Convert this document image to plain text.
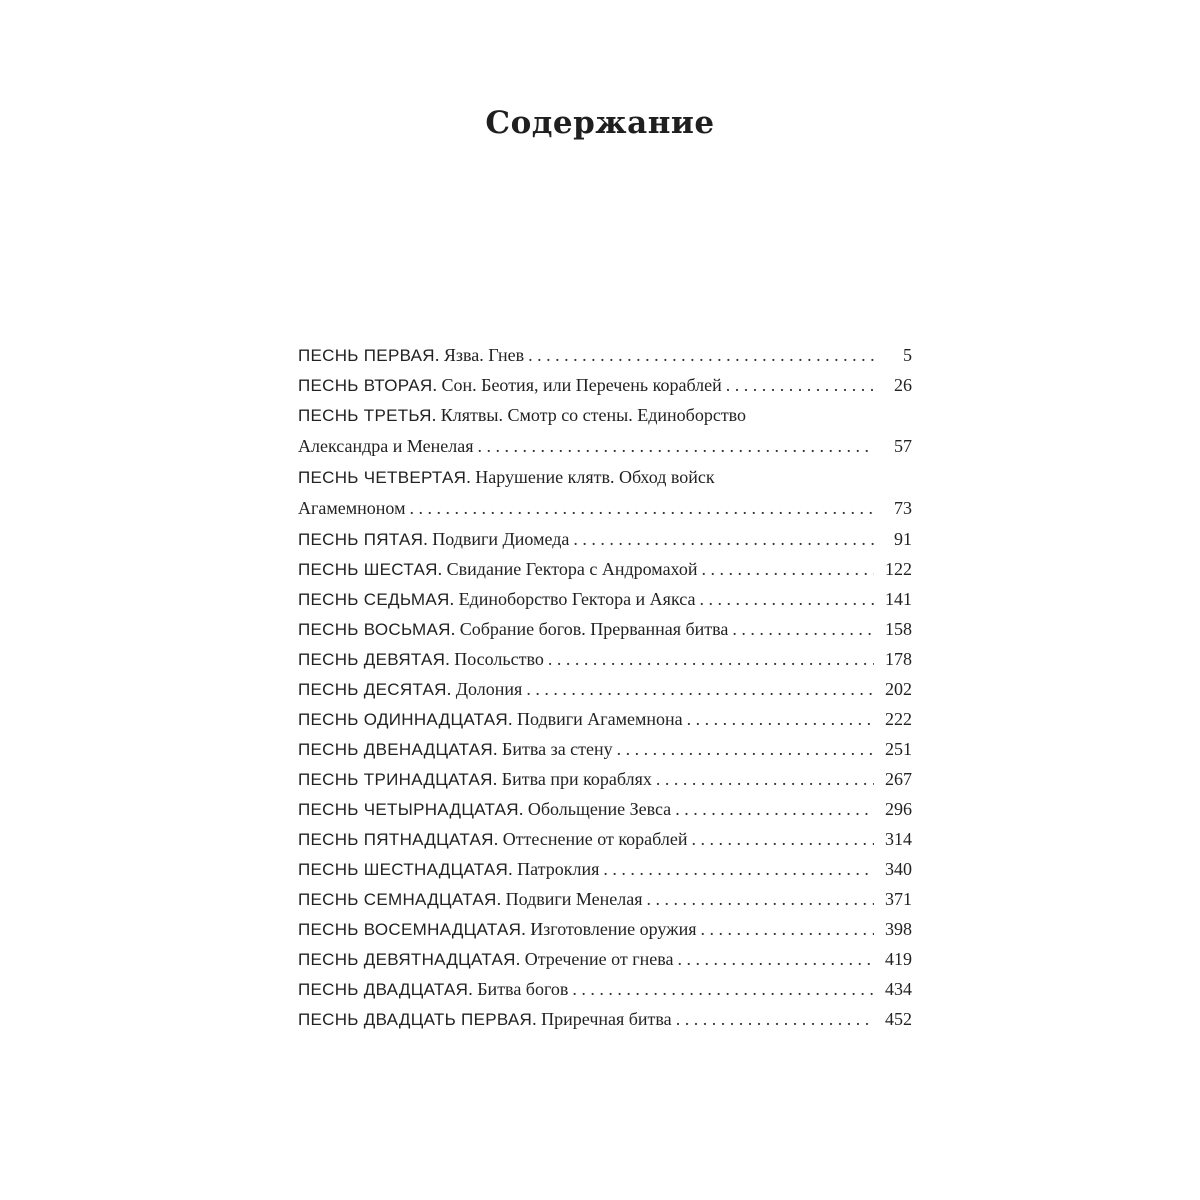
Содержание
ПЕСНЬ ПЕРВАЯ . Язва. Гнев . . .	5
ПЕСНЬ ВТОРАЯ . Сон. Беотия, или Перечень кораблей . . .	26
ПЕСНЬ ТРЕТЬЯ. Клятвы. Смотр со стены. Единоборство
Александра и Менелая . . .	57
ПЕСНЬ ЧЕТВЕРТАЯ. Нарушение клятв. Обход войск
Агамемноном . . .	73
ПЕСНЬ ПЯТАЯ . Подвиги Диомеда . . .	91
ПЕСНЬ ШЕСТАЯ . Свидание Гектора с Андромахой . . .	122
ПЕСНЬ СЕДЬМАЯ . Единоборство Гектора и Аякса . . .	141
ПЕСНЬ ВОСЬМАЯ . Собрание богов. Прерванная битва . . .	158
ПЕСНЬ ДЕВЯТАЯ . Посольство . . .	178
ПЕСНЬ ДЕСЯТАЯ . Долония . . .	202
ПЕСНЬ ОДИННАДЦАТАЯ . Подвиги Агамемнона . . .	222
ПЕСНЬ ДВЕНАДЦАТАЯ . Битва за стену . . .	251
ПЕСНЬ ТРИНАДЦАТАЯ . Битва при кораблях . . .	267
ПЕСНЬ ЧЕТЫРНАДЦАТАЯ . Обольщение Зевса . . .	296
ПЕСНЬ ПЯТНАДЦАТАЯ . Оттеснение от кораблей . . .	314
ПЕСНЬ ШЕСТНАДЦАТАЯ . Патроклия . . .	340
ПЕСНЬ СЕМНАДЦАТАЯ . Подвиги Менелая . . .	371
ПЕСНЬ ВОСЕМНАДЦАТАЯ . Изготовление оружия . . .	398
ПЕСНЬ ДЕВЯТНАДЦАТАЯ . Отречение от гнева . . .	419
ПЕСНЬ ДВАДЦАТАЯ . Битва богов . . .	434
ПЕСНЬ ДВАДЦАТЬ ПЕРВАЯ . Приречная битва . . .	452
